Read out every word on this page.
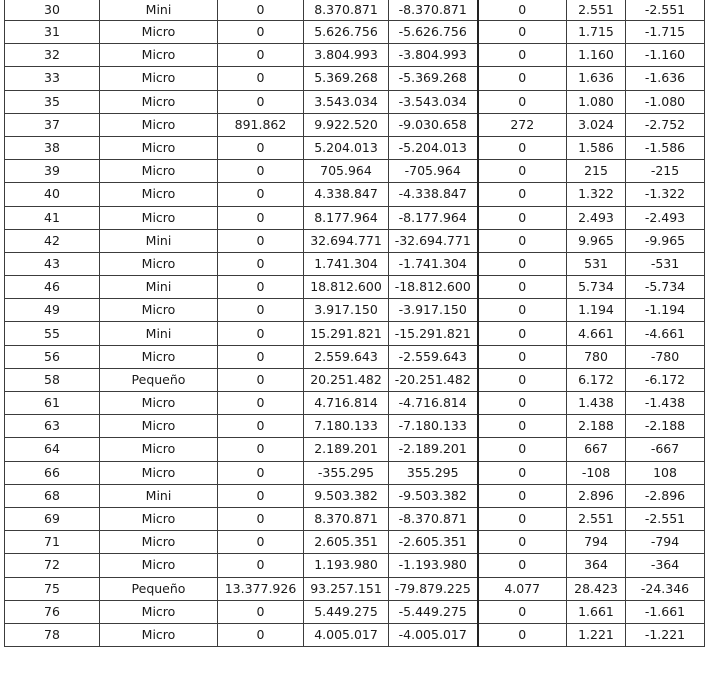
30	Mini	0	8.370.871	-8.370.871	0	2.551	-2.551
31	Micro	0	5.626.756	-5.626.756	0	1.715	-1.715
32	Micro	0	3.804.993	-3.804.993	0	1.160	-1.160
33	Micro	0	5.369.268	-5.369.268	0	1.636	-1.636
35	Micro	0	3.543.034	-3.543.034	0	1.080	-1.080
37	Micro	891.862	9.922.520	-9.030.658	272	3.024	-2.752
38	Micro	0	5.204.013	-5.204.013	0	1.586	-1.586
39	Micro	0	705.964	-705.964	0	215	-215
40	Micro	0	4.338.847	-4.338.847	0	1.322	-1.322
41	Micro	0	8.177.964	-8.177.964	0	2.493	-2.493
42	Mini	0	32.694.771	-32.694.771	0	9.965	-9.965
43	Micro	0	1.741.304	-1.741.304	0	531	-531
46	Mini	0	18.812.600	-18.812.600	0	5.734	-5.734
49	Micro	0	3.917.150	-3.917.150	0	1.194	-1.194
55	Mini	0	15.291.821	-15.291.821	0	4.661	-4.661
56	Micro	0	2.559.643	-2.559.643	0	780	-780
58	Pequeño	0	20.251.482	-20.251.482	0	6.172	-6.172
61	Micro	0	4.716.814	-4.716.814	0	1.438	-1.438
63	Micro	0	7.180.133	-7.180.133	0	2.188	-2.188
64	Micro	0	2.189.201	-2.189.201	0	667	-667
66	Micro	0	-355.295	355.295	0	-108	108
68	Mini	0	9.503.382	-9.503.382	0	2.896	-2.896
69	Micro	0	8.370.871	-8.370.871	0	2.551	-2.551
71	Micro	0	2.605.351	-2.605.351	0	794	-794
72	Micro	0	1.193.980	-1.193.980	0	364	-364
75	Pequeño	13.377.926	93.257.151	-79.879.225	4.077	28.423	-24.346
76	Micro	0	5.449.275	-5.449.275	0	1.661	-1.661
78	Micro	0	4.005.017	-4.005.017	0	1.221	-1.221
